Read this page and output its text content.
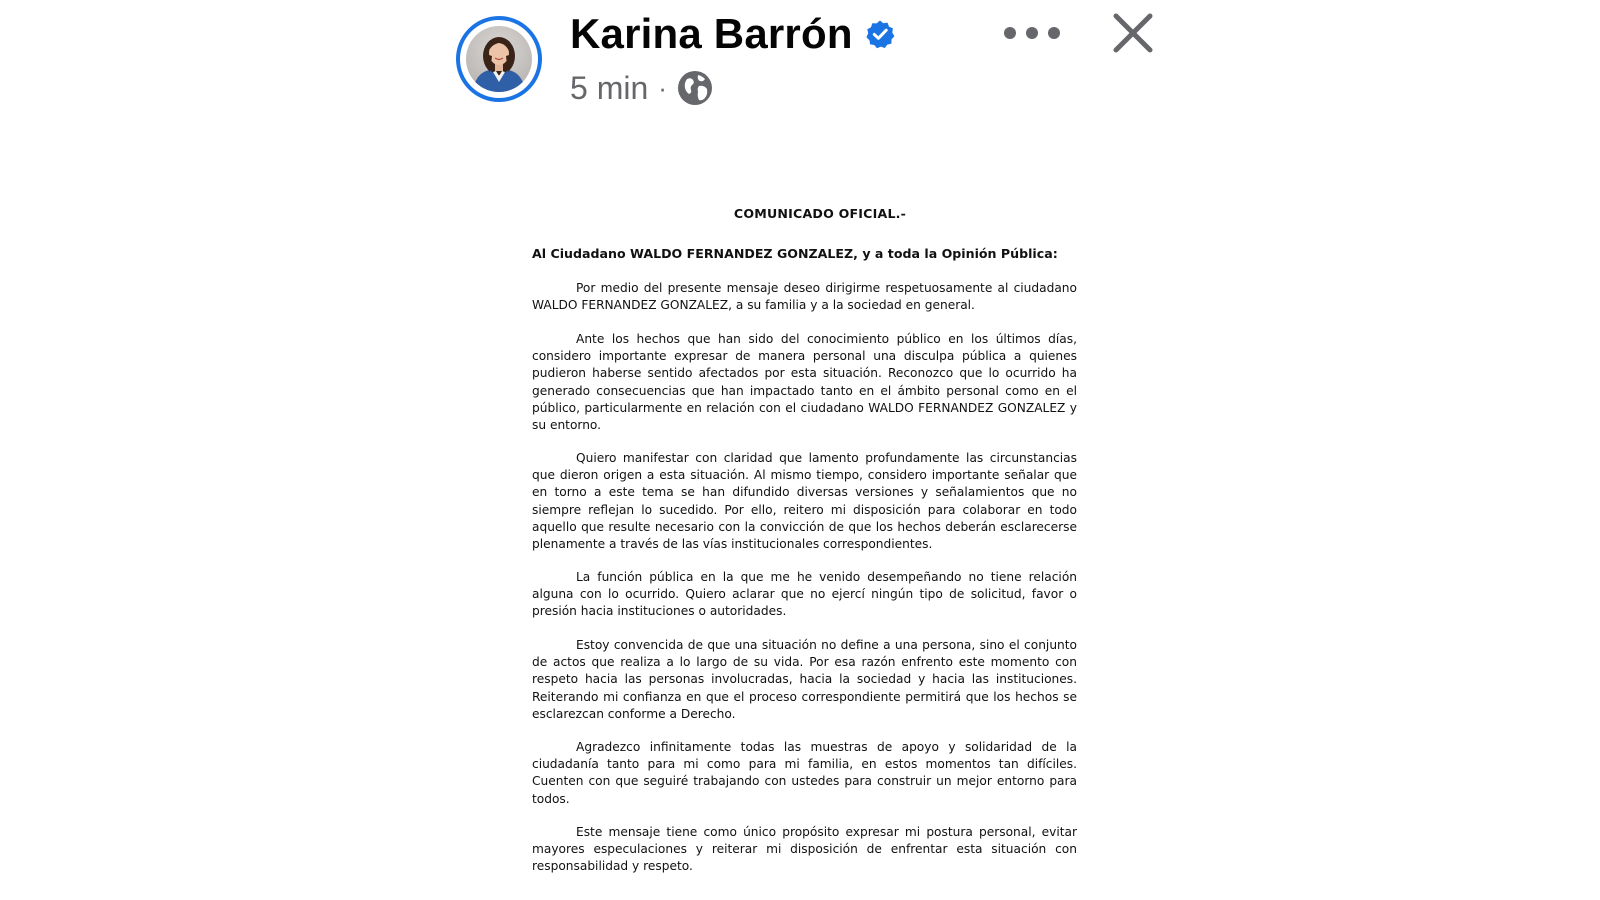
Karina Barrón
5 min ·
COMUNICADO OFICIAL.-
Al Ciudadano WALDO FERNANDEZ GONZALEZ, y a toda la Opinión Pública:

Por medio del presente mensaje deseo dirigirme respetuosamente al ciudadano WALDO FERNANDEZ GONZALEZ, a su familia y a la sociedad en general.

Ante los hechos que han sido del conocimiento público en los últimos días, considero importante expresar de manera personal una disculpa pública a quienes pudieron haberse sentido afectados por esta situación. Reconozco que lo ocurrido ha generado consecuencias que han impactado tanto en el ámbito personal como en el público, particularmente en relación con el ciudadano WALDO FERNANDEZ GONZALEZ y su entorno.

Quiero manifestar con claridad que lamento profundamente las circunstancias que dieron origen a esta situación. Al mismo tiempo, considero importante señalar que en torno a este tema se han difundido diversas versiones y señalamientos que no siempre reflejan lo sucedido. Por ello, reitero mi disposición para colaborar en todo aquello que resulte necesario con la convicción de que los hechos deberán esclarecerse plenamente a través de las vías institucionales correspondientes.

La función pública en la que me he venido desempeñando no tiene relación alguna con lo ocurrido. Quiero aclarar que no ejercí ningún tipo de solicitud, favor o presión hacia instituciones o autoridades.

Estoy convencida de que una situación no define a una persona, sino el conjunto de actos que realiza a lo largo de su vida. Por esa razón enfrento este momento con respeto hacia las personas involucradas, hacia la sociedad y hacia las instituciones. Reiterando mi confianza en que el proceso correspondiente permitirá que los hechos se esclarezcan conforme a Derecho.

Agradezco infinitamente todas las muestras de apoyo y solidaridad de la ciudadanía tanto para mi como para mi familia, en estos momentos tan difíciles. Cuenten con que seguiré trabajando con ustedes para construir un mejor entorno para todos.

Este mensaje tiene como único propósito expresar mi postura personal, evitar mayores especulaciones y reiterar mi disposición de enfrentar esta situación con responsabilidad y respeto.
